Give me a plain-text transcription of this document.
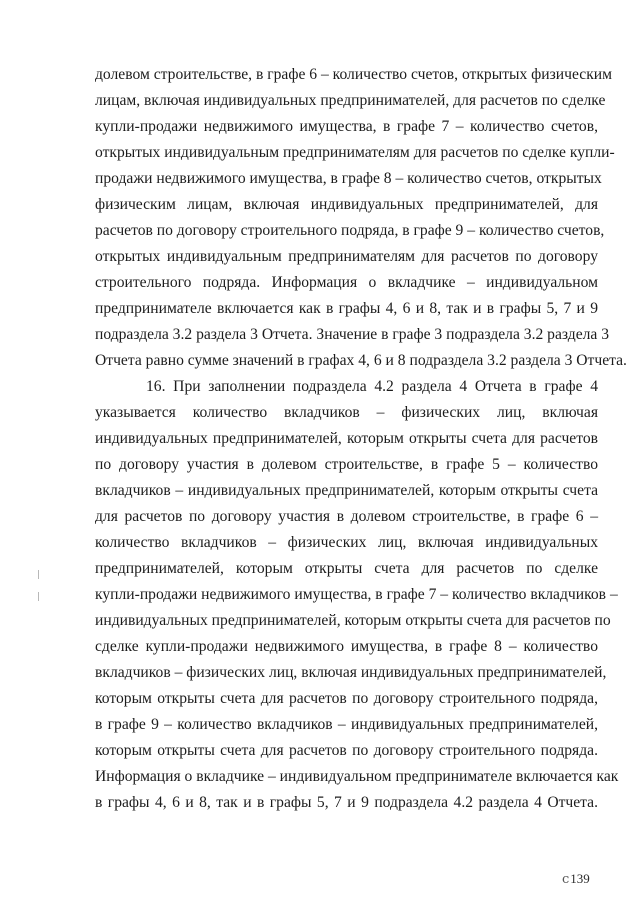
долевом строительстве, в графе 6 – количество счетов, открытых физическим
лицам, включая индивидуальных предпринимателей, для расчетов по сделке
купли-продажи недвижимого имущества, в графе 7 – количество счетов,
открытых индивидуальным предпринимателям для расчетов по сделке купли-
продажи недвижимого имущества, в графе 8 – количество счетов, открытых
физическим лицам, включая индивидуальных предпринимателей, для
расчетов по договору строительного подряда, в графе 9 – количество счетов,
открытых индивидуальным предпринимателям для расчетов по договору
строительного подряда. Информация о вкладчике – индивидуальном
предпринимателе включается как в графы 4, 6 и 8, так и в графы 5, 7 и 9
подраздела 3.2 раздела 3 Отчета. Значение в графе 3 подраздела 3.2 раздела 3
Отчета равно сумме значений в графах 4, 6 и 8 подраздела 3.2 раздела 3 Отчета.
16. При заполнении подраздела 4.2 раздела 4 Отчета в графе 4
указывается количество вкладчиков – физических лиц, включая
индивидуальных предпринимателей, которым открыты счета для расчетов
по договору участия в долевом строительстве, в графе 5 – количество
вкладчиков – индивидуальных предпринимателей, которым открыты счета
для расчетов по договору участия в долевом строительстве, в графе 6 –
количество вкладчиков – физических лиц, включая индивидуальных
предпринимателей, которым открыты счета для расчетов по сделке
купли-продажи недвижимого имущества, в графе 7 – количество вкладчиков –
индивидуальных предпринимателей, которым открыты счета для расчетов по
сделке купли-продажи недвижимого имущества, в графе 8 – количество
вкладчиков – физических лиц, включая индивидуальных предпринимателей,
которым открыты счета для расчетов по договору строительного подряда,
в графе 9 – количество вкладчиков – индивидуальных предпринимателей,
которым открыты счета для расчетов по договору строительного подряда.
Информация о вкладчике – индивидуальном предпринимателе включается как
в графы 4, 6 и 8, так и в графы 5, 7 и 9 подраздела 4.2 раздела 4 Отчета.
ⅽ139
